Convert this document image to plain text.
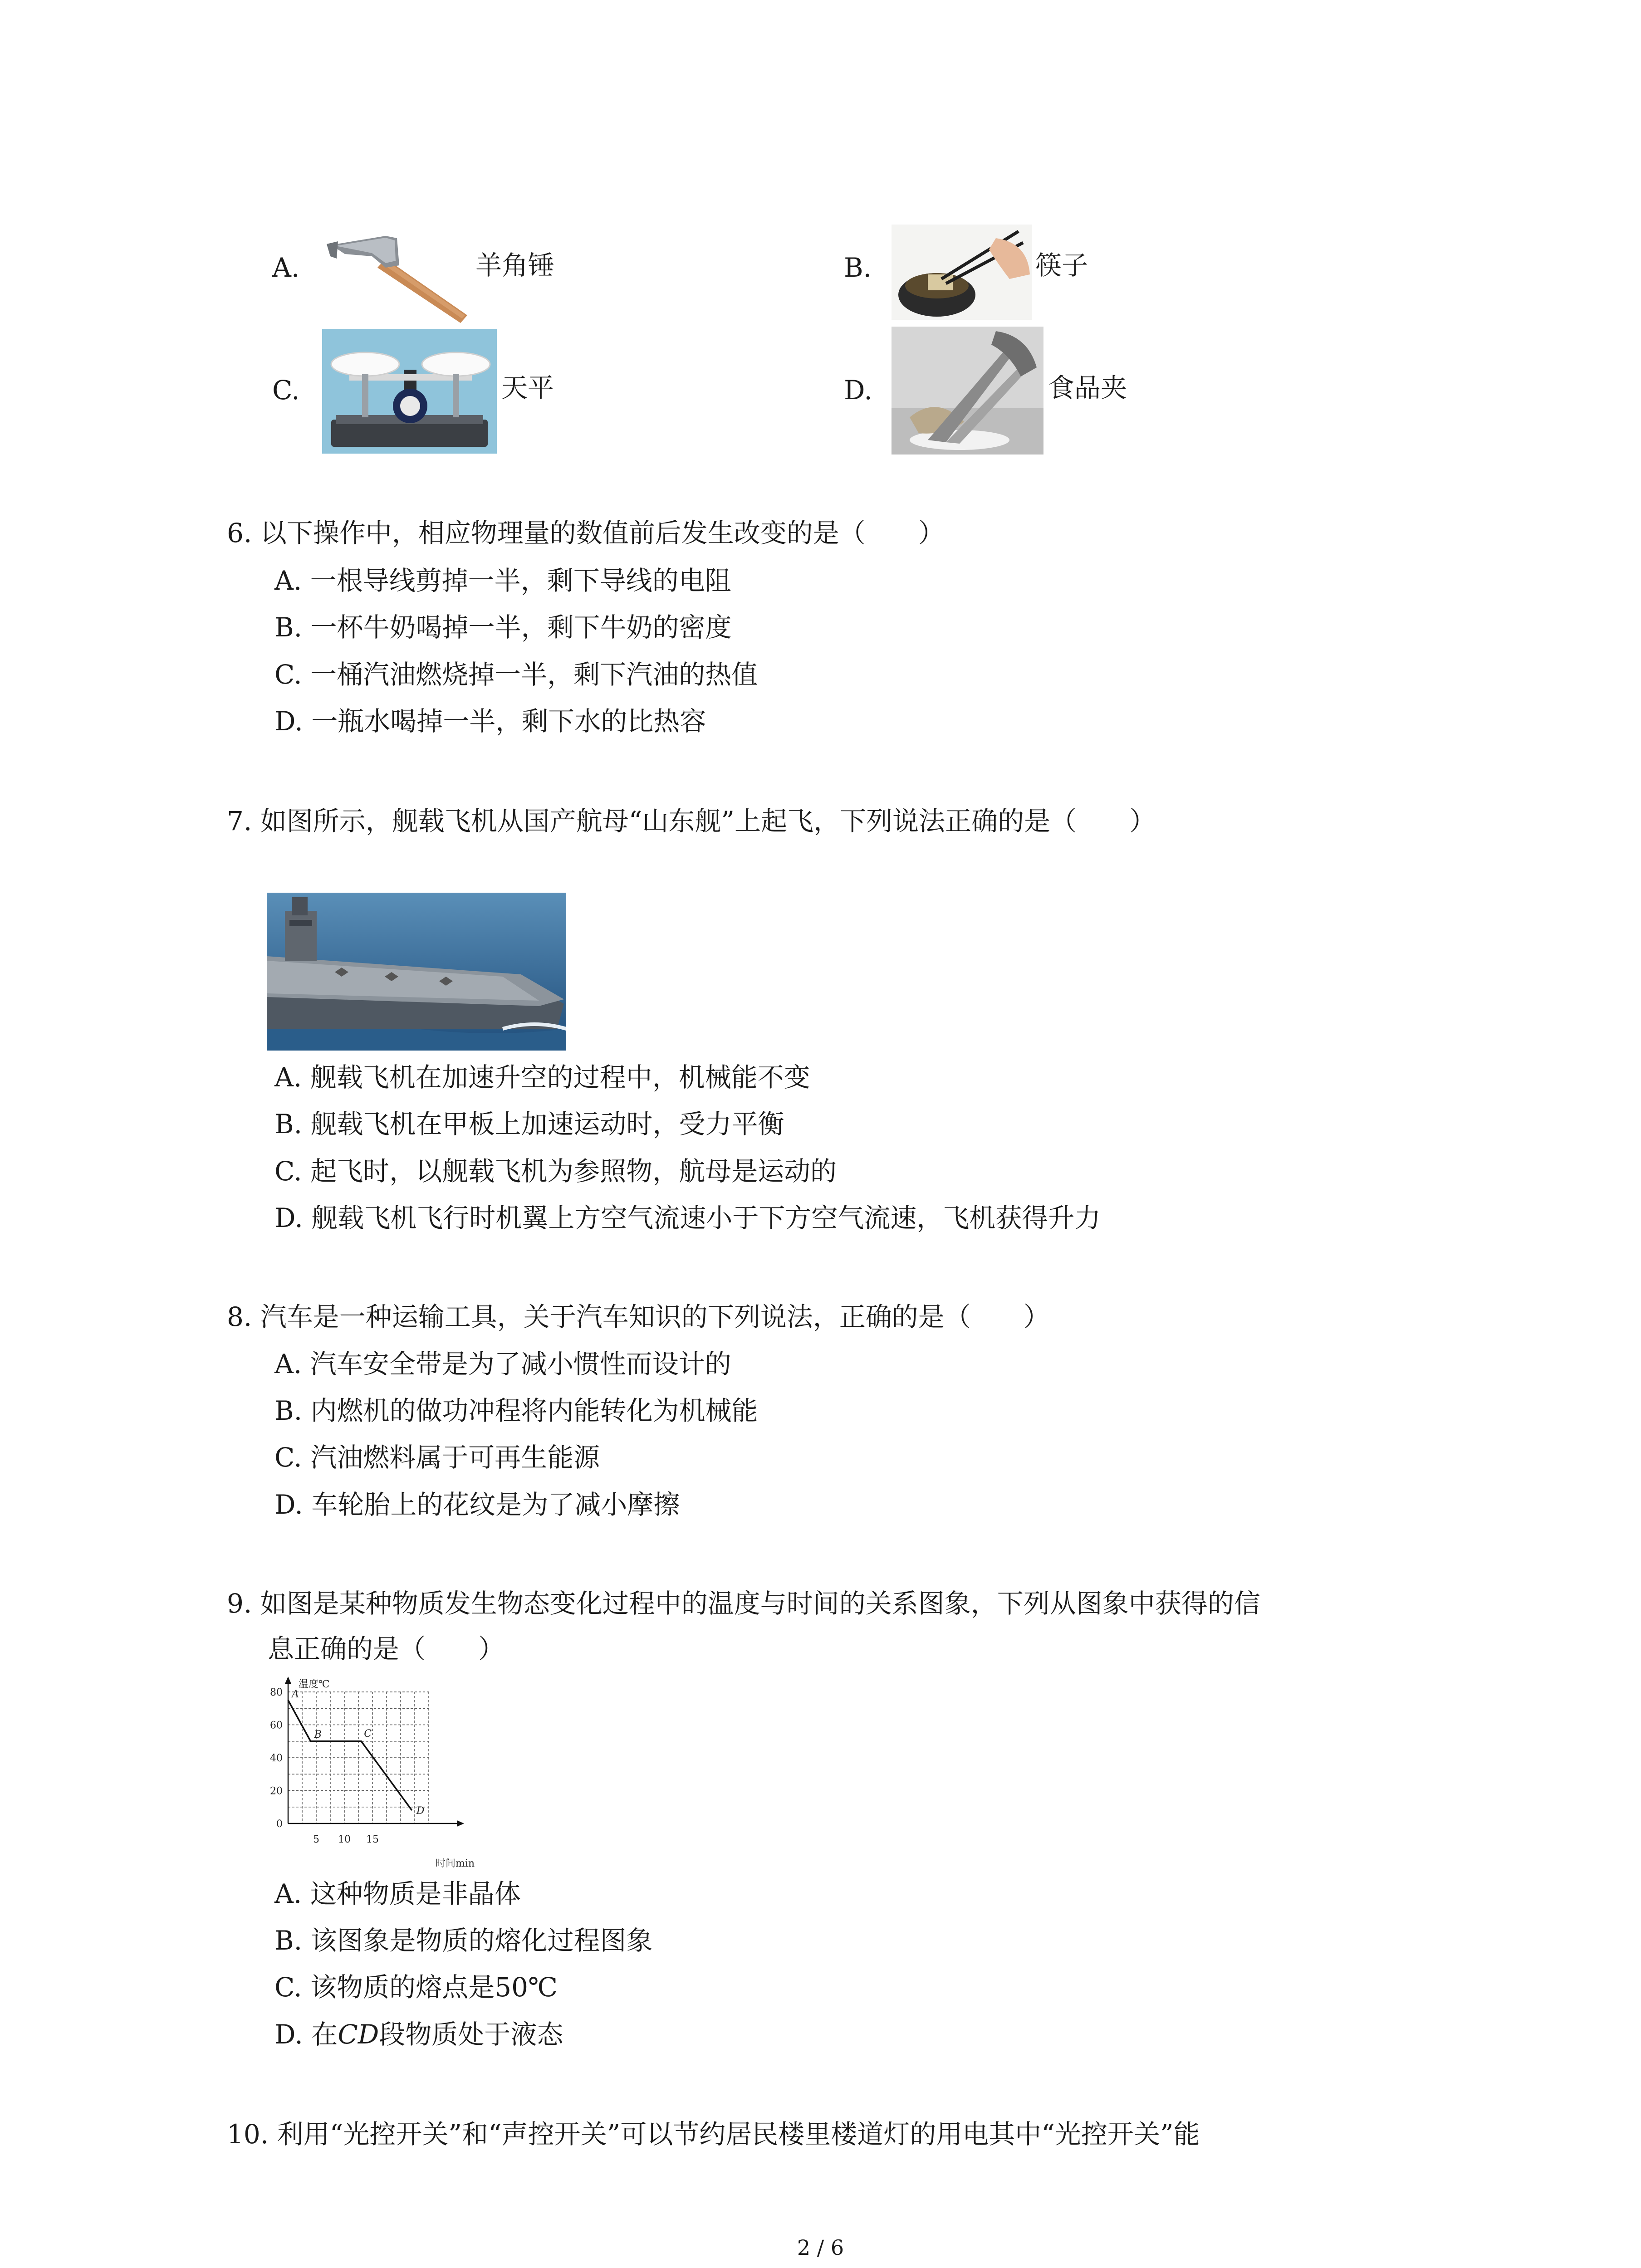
A.	羊角锤	B.	筷子
C.	天平	D.	食品夹
6. 以下操作中，相应物理量的数值前后发生改变的是（　　）
A. 一根导线剪掉一半，剩下导线的电阻
B. 一杯牛奶喝掉一半，剩下牛奶的密度
C. 一桶汽油燃烧掉一半，剩下汽油的热值
D. 一瓶水喝掉一半，剩下水的比热容
7. 如图所示，舰载飞机从国产航母“山东舰”上起飞，下列说法正确的是（　　）
A. 舰载飞机在加速升空的过程中，机械能不变
B. 舰载飞机在甲板上加速运动时，受力平衡
C. 起飞时，以舰载飞机为参照物，航母是运动的
D. 舰载飞机飞行时机翼上方空气流速小于下方空气流速，飞机获得升力
8. 汽车是一种运输工具，关于汽车知识的下列说法，正确的是（　　）
A. 汽车安全带是为了减小惯性而设计的
B. 内燃机的做功冲程将内能转化为机械能
C. 汽油燃料属于可再生能源
D. 车轮胎上的花纹是为了减小摩擦
9. 如图是某种物质发生物态变化过程中的温度与时间的关系图象，下列从图象中获得的信
息正确的是（　　）
温度℃
时间min
0
20
40
60
80
5 10 15
A
B	C
D
A. 这种物质是非晶体
B. 该图象是物质的熔化过程图象
C. 该物质的熔点是50℃
D. 在CD段物质处于液态
10. 利用“光控开关”和“声控开关”可以节约居民楼里楼道灯的用电其中“光控开关”能
2 / 6
